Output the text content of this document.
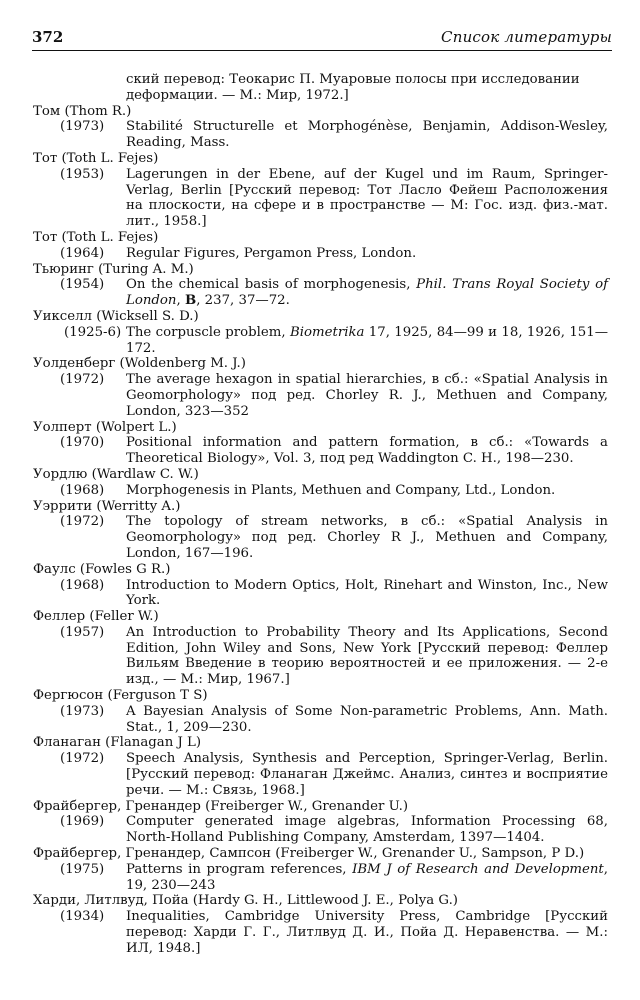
372	Список литературы
ский перевод: Теокарис П. Муаровые полосы при исследовании
деформации. — М.: Мир, 1972.]
Том (Thom R.)
(1973) Stabilité Structurelle et Morphogénèse, Benjamin, Addison-Wesley, Reading, Mass.
Тот (Toth L. Fejes)
(1953) Lagerungen in der Ebene, auf der Kugel und im Raum, Springer-Verlag, Berlin [Русский перевод: Тот Ласло Фейеш Расположения на плоскости, на сфере и в пространстве — М: Гос. изд. физ.-мат. лит., 1958.]
Тот (Toth L. Fejes)
(1964) Regular Figures, Pergamon Press, London.
Тьюринг (Turing A. M.)
(1954) On the chemical basis of morphogenesis, Phil. Trans Royal Society of London, B, 237, 37—72.
Уикселл (Wicksell S. D.)
(1925-6) The corpuscle problem, Biometrika 17, 1925, 84—99 и 18, 1926, 151—172.
Уолденберг (Woldenberg M. J.)
(1972) The average hexagon in spatial hierarchies, в сб.: «Spatial Analysis in Geomorphology» под ред. Chorley R. J., Methuen and Company, London, 323—352
Уолперт (Wolpert L.)
(1970) Positional information and pattern formation, в сб.: «Towards a Theoretical Biology», Vol. 3, под ред Waddington C. H., 198—230.
Уордлю (Wardlaw C. W.)
(1968) Morphogenesis in Plants, Methuen and Company, Ltd., London.
Уэррити (Werritty A.)
(1972) The topology of stream networks, в сб.: «Spatial Analysis in Geomorphology» под ред. Chorley R J., Methuen and Company, London, 167—196.
Фаулс (Fowles G R.)
(1968) Introduction to Modern Optics, Holt, Rinehart and Winston, Inc., New York.
Феллер (Feller W.)
(1957) An Introduction to Probability Theory and Its Applications, Second Edition, John Wiley and Sons, New York [Русский перевод: Феллер Вильям Введение в теорию вероятностей и ее приложения. — 2-е изд., — М.: Мир, 1967.]
Фергюсон (Ferguson T S)
(1973) A Bayesian Analysis of Some Non-parametric Problems, Ann. Math. Stat., 1, 209—230.
Фланаган (Flanagan J L)
(1972) Speech Analysis, Synthesis and Perception, Springer-Verlag, Berlin. [Русский перевод: Фланаган Джеймс. Анализ, синтез и восприятие речи. — М.: Связь, 1968.]
Фрайбергер, Гренандер (Freiberger W., Grenander U.)
(1969) Computer generated image algebras, Information Processing 68, North-Holland Publishing Company, Amsterdam, 1397—1404.
Фрайбергер, Гренандер, Сампсон (Freiberger W., Grenander U., Sampson, P D.)
(1975) Patterns in program references, IBM J of Research and Development, 19, 230—243
Харди, Литлвуд, Пойа (Hardy G. H., Littlewood J. E., Polya G.)
(1934) Inequalities, Cambridge University Press, Cambridge [Русский перевод: Харди Г. Г., Литлвуд Д. И., Пойа Д. Неравенства. — М.: ИЛ, 1948.]
